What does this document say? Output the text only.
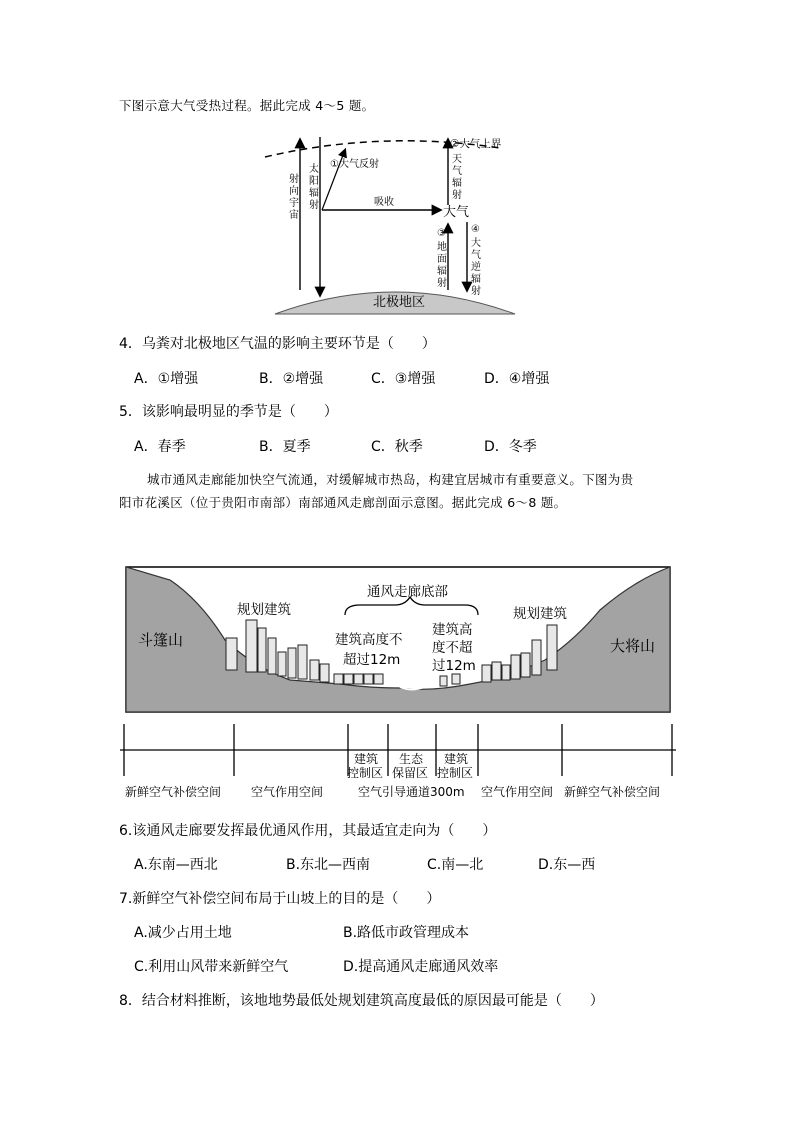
下图示意大气受热过程。据此完成 4～5 题。
①大气反射
②大气上界
天
气
辐
射
太
阳
辐
射
射
向
宇
宙
吸收
大气
③
地
面
辐
射
④
大
气
逆
辐
射
北极地区
4．乌粪对北极地区气温的影响主要环节是（　　）
A．①增强	B．②增强	C．③增强	D．④增强
5．该影响最明显的季节是（　　）
A．春季	B．夏季	C．秋季	D．冬季
城市通风走廊能加快空气流通，对缓解城市热岛，构建宜居城市有重要意义。下图为贵
阳市花溪区（位于贵阳市南部）南部通风走廊剖面示意图。据此完成 6～8 题。
斗篷山	大将山
规划建筑	规划建筑
通风走廊底部
建筑高度不
超过12m
建筑高
度不超
过12m
建筑
控制区
生态
保留区
建筑
控制区
新鲜空气补偿空间 空气作用空间	空气引导通道300m 空气作用空间 新鲜空气补偿空间
6.该通风走廊要发挥最优通风作用，其最适宜走向为（　　）
A.东南—西北	B.东北—西南	C.南—北	D.东—西
7.新鲜空气补偿空间布局于山坡上的目的是（　　）
A.减少占用土地	B.路低市政管理成本
C.利用山风带来新鲜空气	D.提高通风走廊通风效率
8．结合材料推断，该地地势最低处规划建筑高度最低的原因最可能是（　　）
